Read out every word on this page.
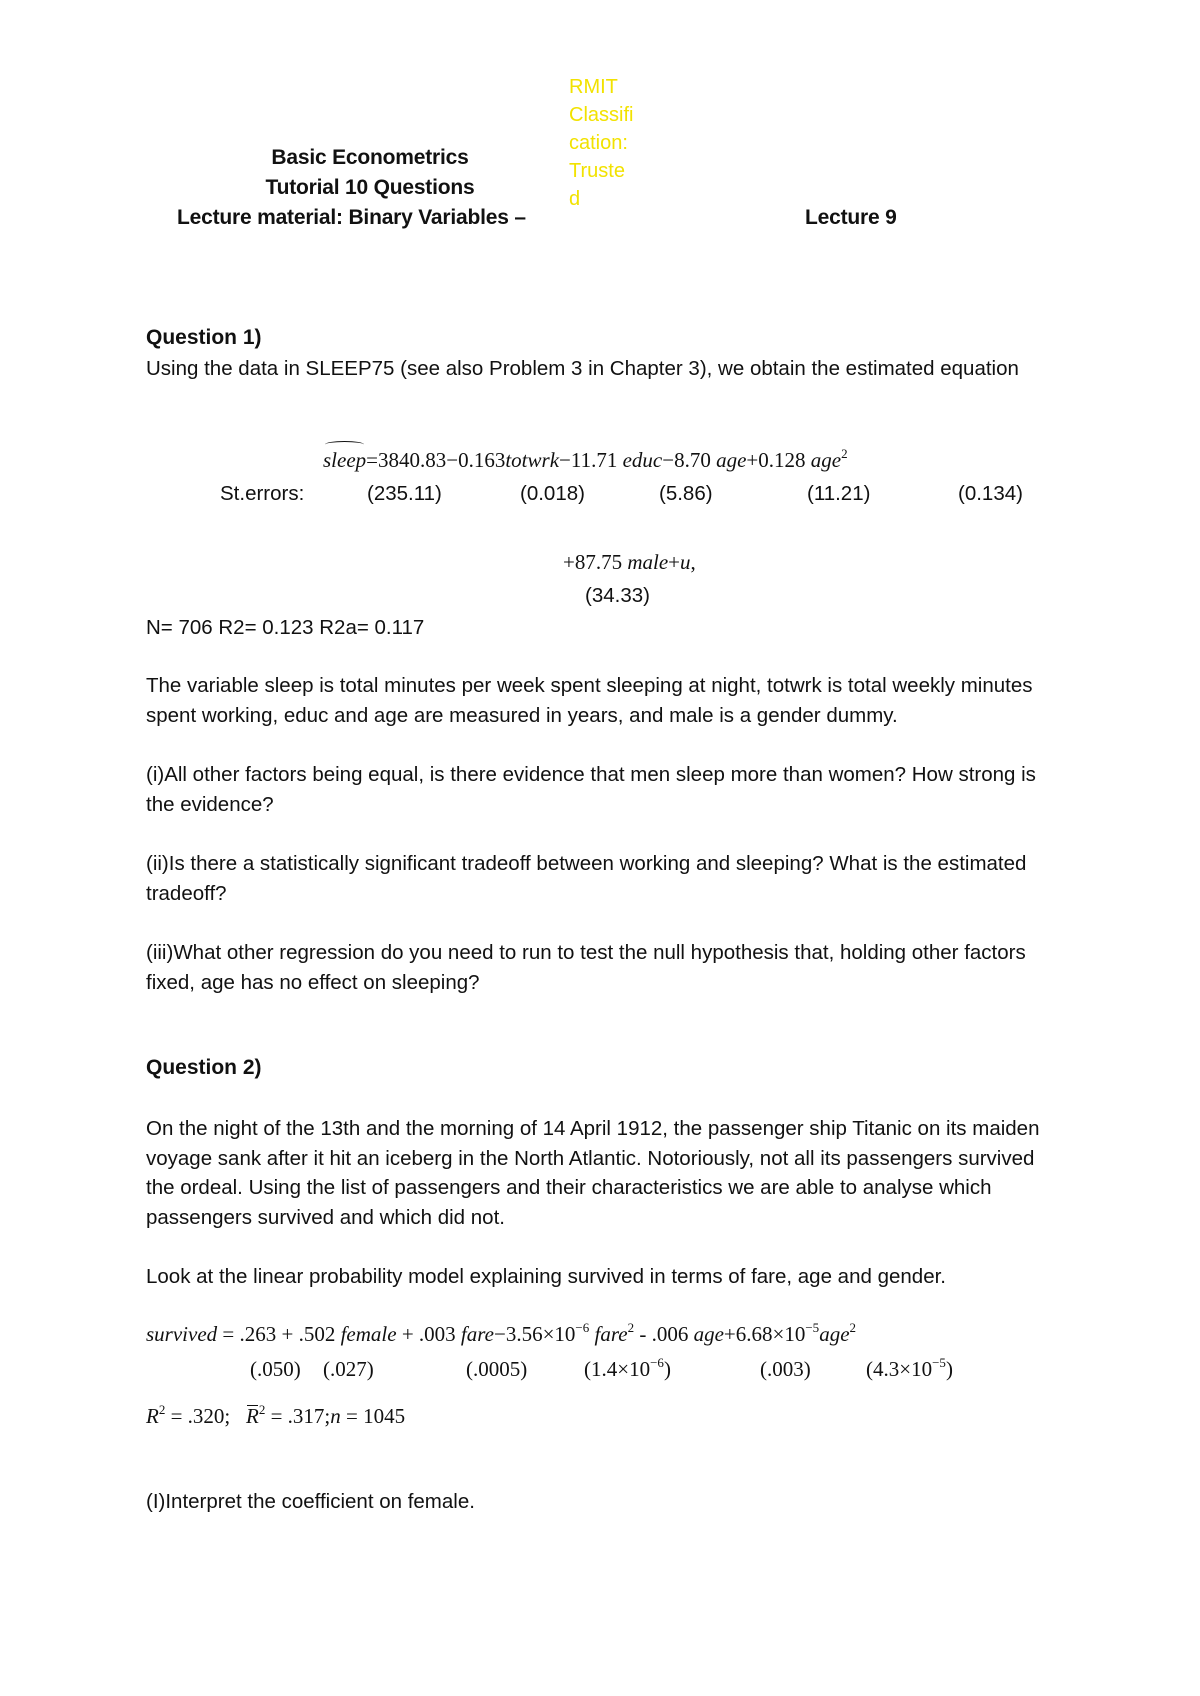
Basic Econometrics
Tutorial 10 Questions
Lecture material: Binary Variables –	Lecture 9
RMIT
Classifi
cation:
Truste
d
Question 1)
Using the data in SLEEP75 (see also Problem 3 in Chapter 3), we obtain the estimated equation
sleep=3840.83−0.163totwrk−11.71 educ−8.70 age+0.128 age$^2$
St.errors:	(235.11)	(0.018)	(5.86)	(11.21)	(0.134)
+87.75 male+u,
(34.33)
N= 706 R2= 0.123 R2a= 0.117
The variable sleep is total minutes per week spent sleeping at night, totwrk is total weekly minutes spent working, educ and age are measured in years, and male is a gender dummy.
(i)All other factors being equal, is there evidence that men sleep more than women? How strong is the evidence?
(ii)Is there a statistically significant tradeoff between working and sleeping? What is the estimated tradeoff?
(iii)What other regression do you need to run to test the null hypothesis that, holding other factors fixed, age has no effect on sleeping?
Question 2)
On the night of the 13th and the morning of 14 April 1912, the passenger ship Titanic on its maiden voyage sank after it hit an iceberg in the North Atlantic. Notoriously, not all its passengers survived the ordeal. Using the list of passengers and their characteristics we are able to analyse which passengers survived and which did not.
Look at the linear probability model explaining survived in terms of fare, age and gender.
survived = .263 + .502 female + .003 $fare-3.56\times 10^{-6}$ fare$^2$ - .006 $age+6.68\times 10^{-5}age^2$
(.050) (.027)	(.0005)	$(1.4\times 10^{-6})$	(.003)	$(4.3\times 10^{-5})$
$R^2 = .320$; $R^2$ = .317;n = 1045
(I)Interpret the coefficient on female.
